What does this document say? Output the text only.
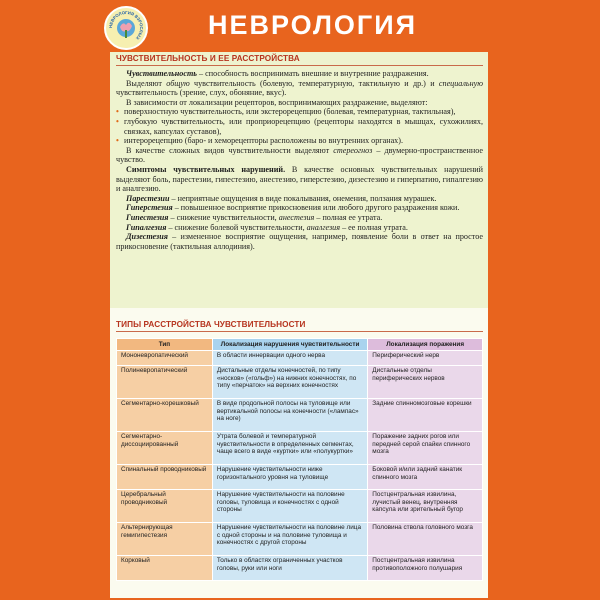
НЕВРОЛОГИЯ ВЗРОСЛЫХ НЕВРОЛОГИЯ
ЧУВСТВИТЕЛЬНОСТЬ И ЕЕ РАССТРОЙСТВА

Чувствительность – способность воспринимать внешние и внутренние раздражения.

Выделяют общую чувствительность (болевую, температурную, тактильную и др.) и специальную чувствительность (зрение, слух, обоняние, вкус).

В зависимости от локализации рецепторов, воспринимающих раздражение, выделяют:

• поверхностную чувствительность, или экстерорецепцию (болевая, температурная, тактильная),
• глубокую чувствительность, или проприорецепцию (рецепторы находятся в мышцах, сухожилиях, связках, капсулах суставов),
• интерорецепцию (баро- и хеморецепторы расположены во внутренних органах).

В качестве сложных видов чувствительности выделяют стереогноз – двумерно-пространственное чувство.

Симптомы чувствительных нарушений. В качестве основных чувствительных нарушений выделяют боль, парестезии, гипестезию, анестезию, гиперстезию, дизестезию и гиперпатию, гипалгезию и аналгезию.

Парестезии – неприятные ощущения в виде покалывания, онемения, ползания мурашек.

Гиперстезия – повышенное восприятие прикосновения или любого другого раздражения кожи.

Гипестезия – снижение чувствительности, анестезия – полная ее утрата.

Гипалгезия – снижение болевой чувствительности, аналгезия – ее полная утрата.

Дизестезия – измененное восприятие ощущения, например, появление боли в ответ на простое прикосновение (тактильная аллодиния).

ТИПЫ РАССТРОЙСТВА ЧУВСТВИТЕЛЬНОСТИ
Тип	Локализация нарушения чувствительности	Локализация поражения
Мононевропатический	В области иннервации одного нерва	Периферический нерв
Полиневропатический	Дистальные отделы конечностей, по типу «носков» («гольф») на нижних конечностях, по типу «перчаток» на верхних конечностях	Дистальные отделы периферических нервов
Сегментарно-корешковый	В виде продольной полосы на туловище или вертикальной полосы на конечности («лампас» на ноге)	Задние спинномозговые корешки
Сегментарно-диссоциированный	Утрата болевой и температурной чувствительности в определенных сегментах, чаще всего в виде «куртки» или «полукуртки»	Поражение задних рогов или передней серой спайки спинного мозга
Спинальный проводниковый	Нарушение чувствительности ниже горизонтального уровня на туловище	Боковой и/или задний канатик спинного мозга
Церебральный проводниковый	Нарушение чувствительности на половине головы, туловища и конечностях с одной стороны	Постцентральная извилина, лучистый венец, внутренняя капсула или зрительный бугор
Альтернирующая гемигипестезия	Нарушение чувствительности на половине лица с одной стороны и на половине туловища и конечностях с другой стороны	Половина ствола головного мозга
Корковый	Только в областях ограниченных участков головы, руки или ноги	Постцентральная извилина противоположного полушария
